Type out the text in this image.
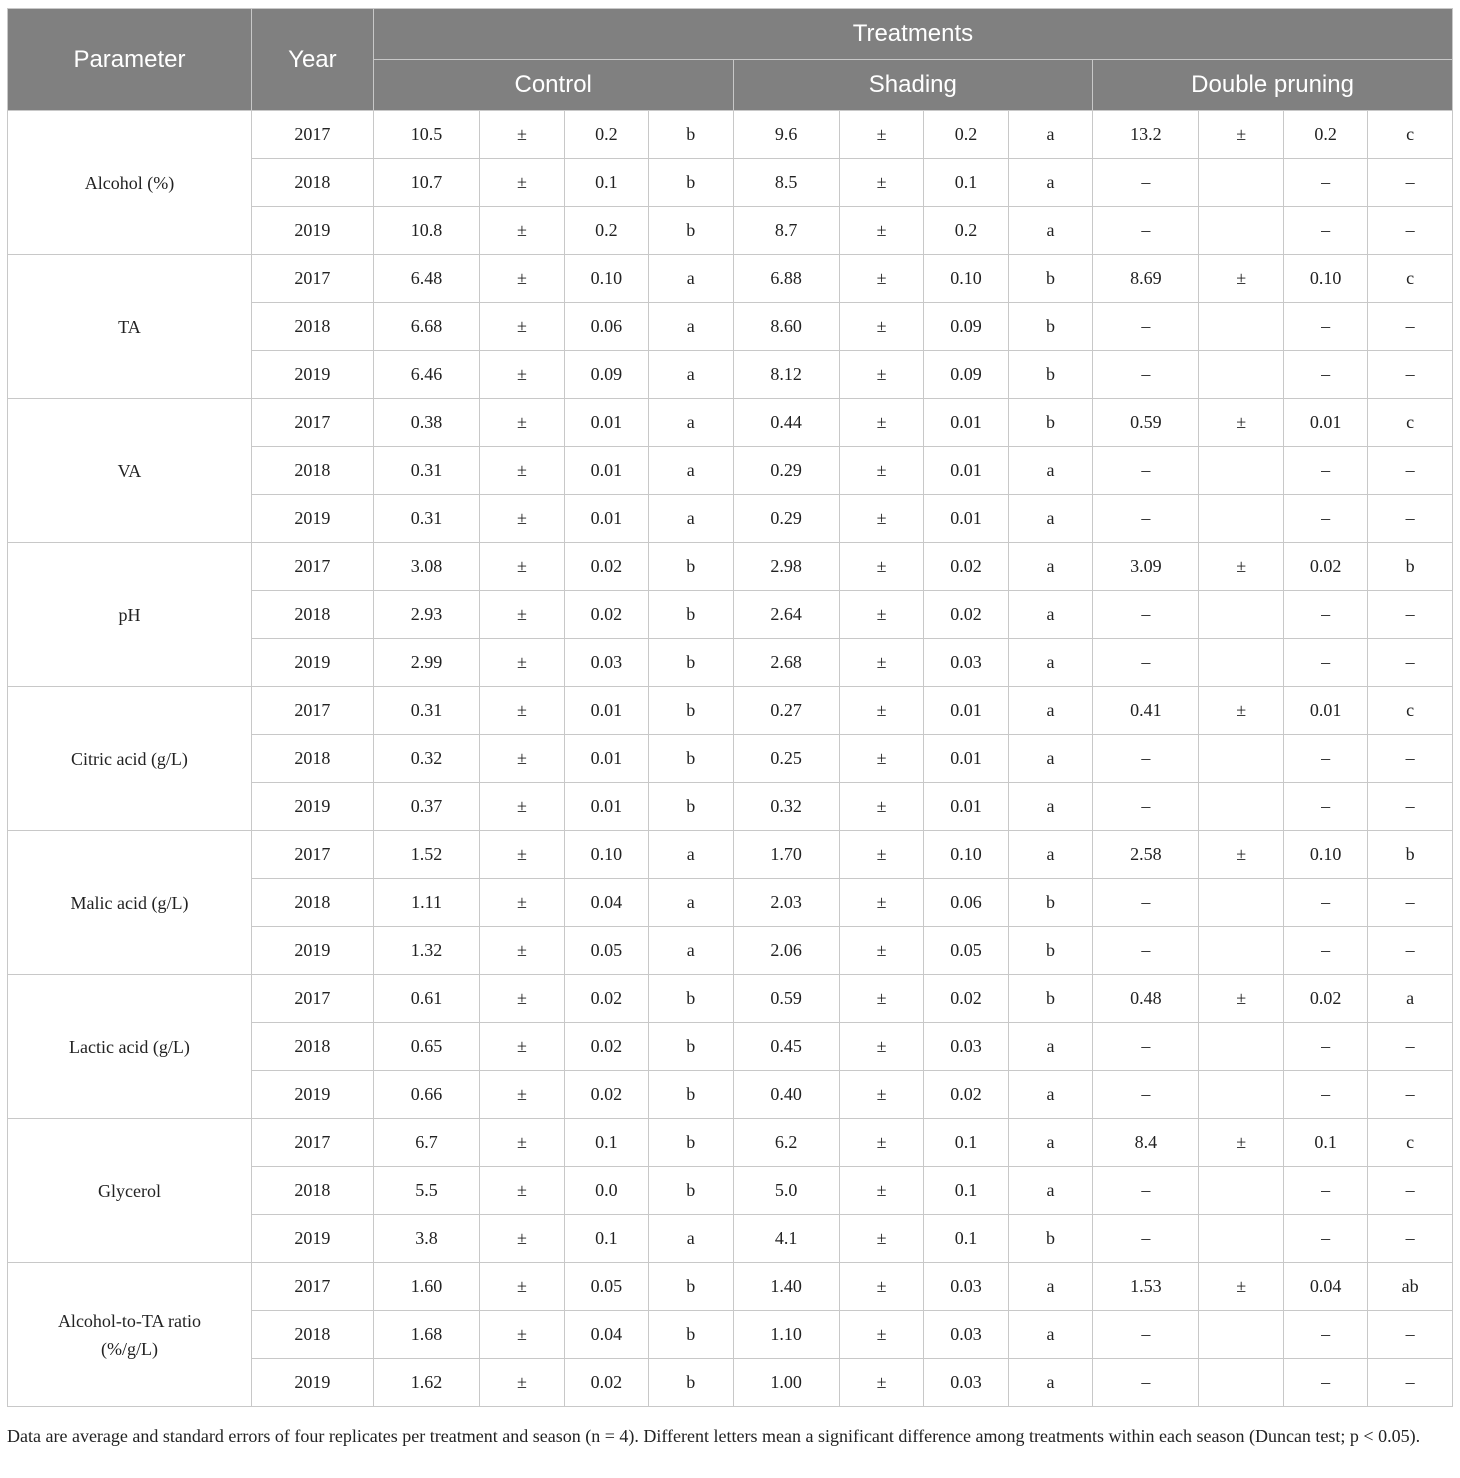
Parameter	Year	Treatments											
		Control				Shading				Double pruning			
Alcohol (%)	2017	10.5	±	0.2	b	9.6	±	0.2	a	13.2	±	0.2	c
	2018	10.7	±	0.1	b	8.5	±	0.1	a	–		–	–
	2019	10.8	±	0.2	b	8.7	±	0.2	a	–		–	–
TA	2017	6.48	±	0.10	a	6.88	±	0.10	b	8.69	±	0.10	c
	2018	6.68	±	0.06	a	8.60	±	0.09	b	–		–	–
	2019	6.46	±	0.09	a	8.12	±	0.09	b	–		–	–
VA	2017	0.38	±	0.01	a	0.44	±	0.01	b	0.59	±	0.01	c
	2018	0.31	±	0.01	a	0.29	±	0.01	a	–		–	–
	2019	0.31	±	0.01	a	0.29	±	0.01	a	–		–	–
pH	2017	3.08	±	0.02	b	2.98	±	0.02	a	3.09	±	0.02	b
	2018	2.93	±	0.02	b	2.64	±	0.02	a	–		–	–
	2019	2.99	±	0.03	b	2.68	±	0.03	a	–		–	–
Citric acid (g/L)	2017	0.31	±	0.01	b	0.27	±	0.01	a	0.41	±	0.01	c
	2018	0.32	±	0.01	b	0.25	±	0.01	a	–		–	–
	2019	0.37	±	0.01	b	0.32	±	0.01	a	–		–	–
Malic acid (g/L)	2017	1.52	±	0.10	a	1.70	±	0.10	a	2.58	±	0.10	b
	2018	1.11	±	0.04	a	2.03	±	0.06	b	–		–	–
	2019	1.32	±	0.05	a	2.06	±	0.05	b	–		–	–
Lactic acid (g/L)	2017	0.61	±	0.02	b	0.59	±	0.02	b	0.48	±	0.02	a
	2018	0.65	±	0.02	b	0.45	±	0.03	a	–		–	–
	2019	0.66	±	0.02	b	0.40	±	0.02	a	–		–	–
Glycerol	2017	6.7	±	0.1	b	6.2	±	0.1	a	8.4	±	0.1	c
	2018	5.5	±	0.0	b	5.0	±	0.1	a	–		–	–
	2019	3.8	±	0.1	a	4.1	±	0.1	b	–		–	–
Alcohol-to-TA ratio (%/g/L)	2017	1.60	±	0.05	b	1.40	±	0.03	a	1.53	±	0.04	ab
	2018	1.68	±	0.04	b	1.10	±	0.03	a	–		–	–
	2019	1.62	±	0.02	b	1.00	±	0.03	a	–		–	–
Data are average and standard errors of four replicates per treatment and season (n = 4). Different letters mean a significant difference among treatments within each season (Duncan test; p < 0.05).
